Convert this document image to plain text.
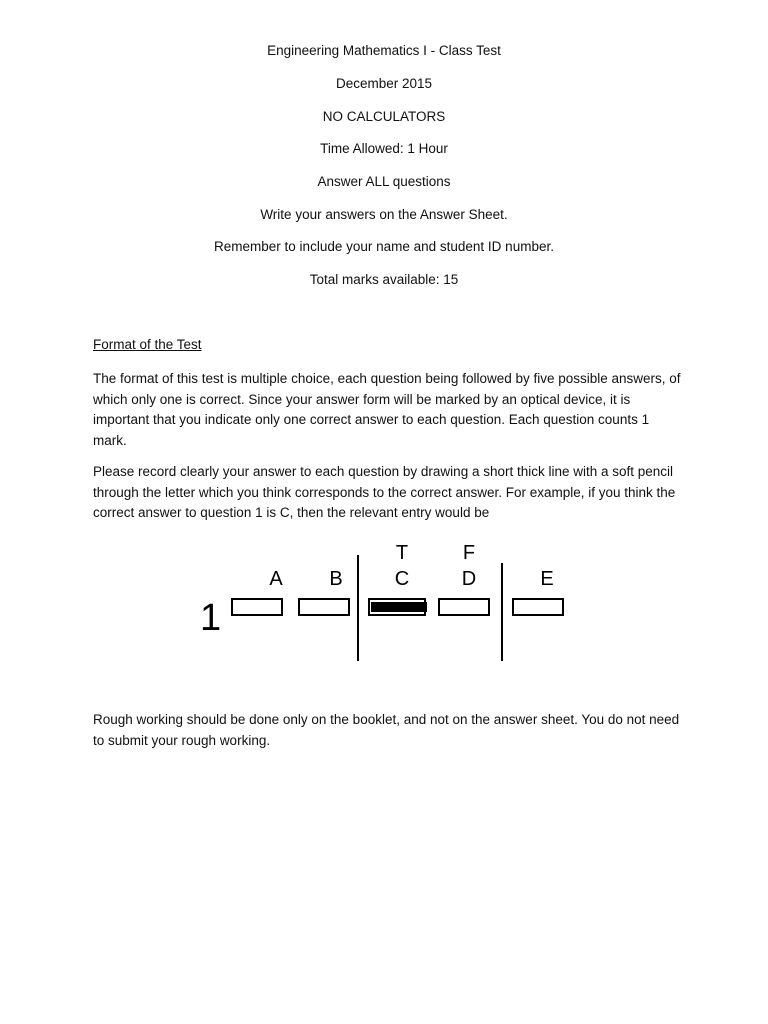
Engineering Mathematics I - Class Test
December 2015
NO CALCULATORS
Time Allowed: 1 Hour
Answer ALL questions
Write your answers on the Answer Sheet.
Remember to include your name and student ID number.
Total marks available: 15
Format of the Test
The format of this test is multiple choice, each question being followed by five possible answers, of which only one is correct. Since your answer form will be marked by an optical device, it is important that you indicate only one correct answer to each question. Each question counts 1 mark.
Please record clearly your answer to each question by drawing a short thick line with a soft pencil through the letter which you think corresponds to the correct answer. For example, if you think the correct answer to question 1 is C, then the relevant entry would be
1
T	F
A B	C	D	E
Rough working should be done only on the booklet, and not on the answer sheet. You do not need to submit your rough working.
